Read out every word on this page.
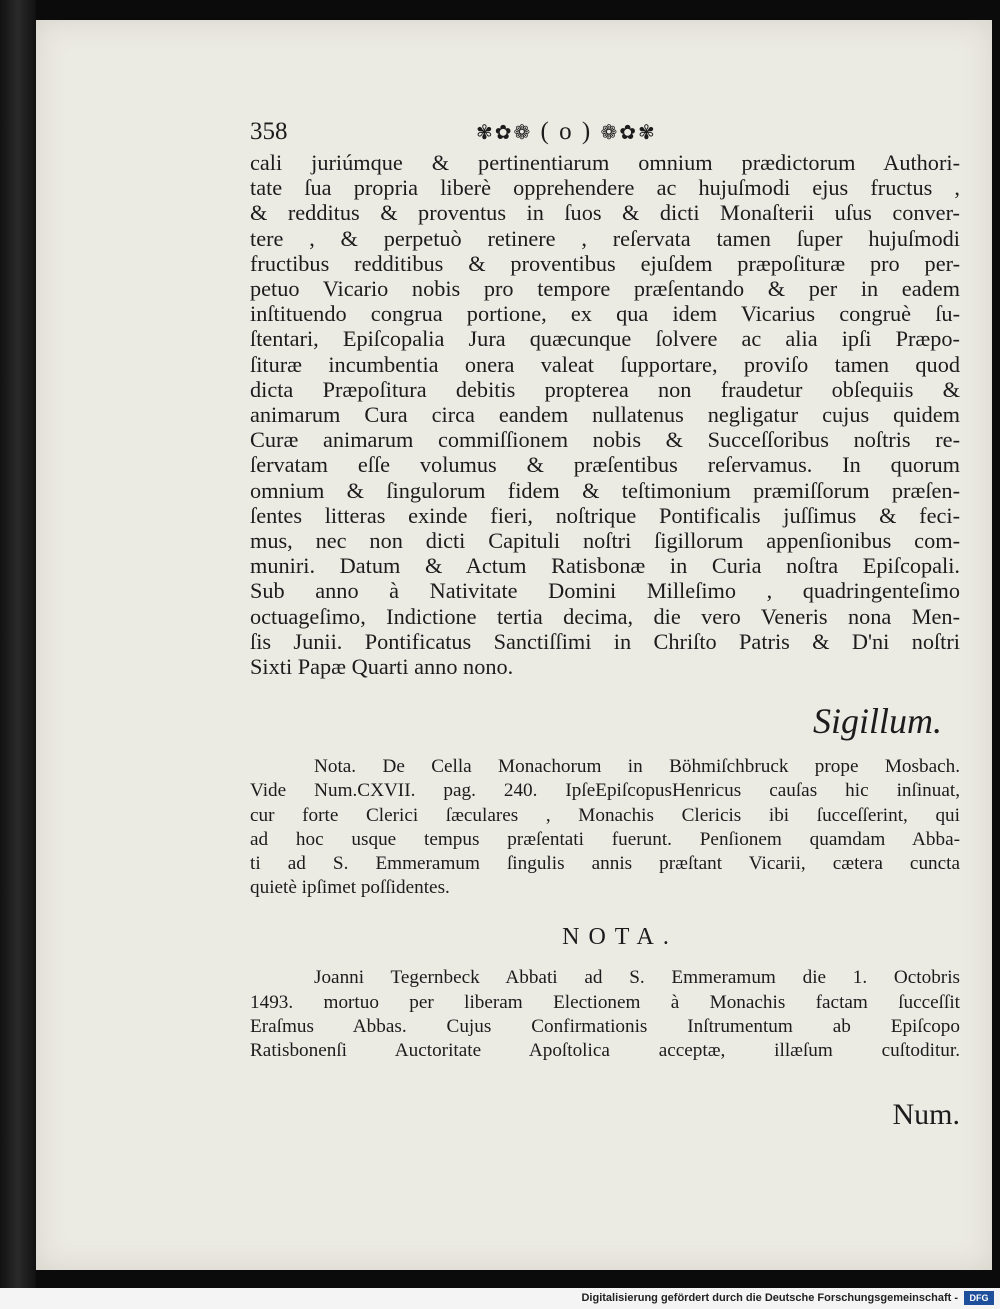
358	✾✿❁ ( o ) ❁✿✾
cali juriúmque & pertinentiarum omnium prædictorum Authori-
tate ſua propria liberè opprehendere ac hujuſmodi ejus fructus ,
& redditus & proventus in ſuos & dicti Monaſterii uſus conver-
tere , & perpetuò retinere , reſervata tamen ſuper hujuſmodi
fructibus redditibus & proventibus ejuſdem præpoſituræ pro per-
petuo Vicario nobis pro tempore præſentando & per in eadem
inſtituendo congrua portione, ex qua idem Vicarius congruè ſu-
ſtentari, Epiſcopalia Jura quæcunque ſolvere ac alia ipſi Præpo-
ſituræ incumbentia onera valeat ſupportare, proviſo tamen quod
dicta Præpoſitura debitis propterea non fraudetur obſequiis &
animarum Cura circa eandem nullatenus negligatur cujus quidem
Curæ animarum commiſſionem nobis & Succeſſoribus noſtris re-
ſervatam eſſe volumus & præſentibus reſervamus. In quorum
omnium & ſingulorum fidem & teſtimonium præmiſſorum præſen-
ſentes litteras exinde fieri, noſtrique Pontificalis juſſimus & feci-
mus, nec non dicti Capituli noſtri ſigillorum appenſionibus com-
muniri. Datum & Actum Ratisbonæ in Curia noſtra Epiſcopali.
Sub anno à Nativitate Domini Milleſimo , quadringenteſimo
octuageſimo, Indictione tertia decima, die vero Veneris nona Men-
ſis Junii. Pontificatus Sanctiſſimi in Chriſto Patris & D'ni noſtri
Sixti Papæ Quarti anno nono.
Sigillum.
Nota. De Cella Monachorum in Böhmiſchbruck prope Mosbach.
Vide Num.CXVII. pag. 240. IpſeEpiſcopusHenricus cauſas hic inſinuat,
cur forte Clerici ſæculares , Monachis Clericis ibi ſucceſſerint, qui
ad hoc usque tempus præſentati fuerunt. Penſionem quamdam Abba-
ti ad S. Emmeramum ſingulis annis præſtant Vicarii, cætera cuncta
quietè ipſimet poſſidentes.
NOTA.
Joanni Tegernbeck Abbati ad S. Emmeramum die 1. Octobris
1493. mortuo per liberam Electionem à Monachis factam ſucceſſit
Eraſmus Abbas. Cujus Confirmationis Inſtrumentum ab Epiſcopo
Ratisbonenſi Auctoritate Apoſtolica acceptæ, illæſum cuſtoditur.
Num.
Digitalisierung gefördert durch die Deutsche Forschungsgemeinschaft -	DFG
